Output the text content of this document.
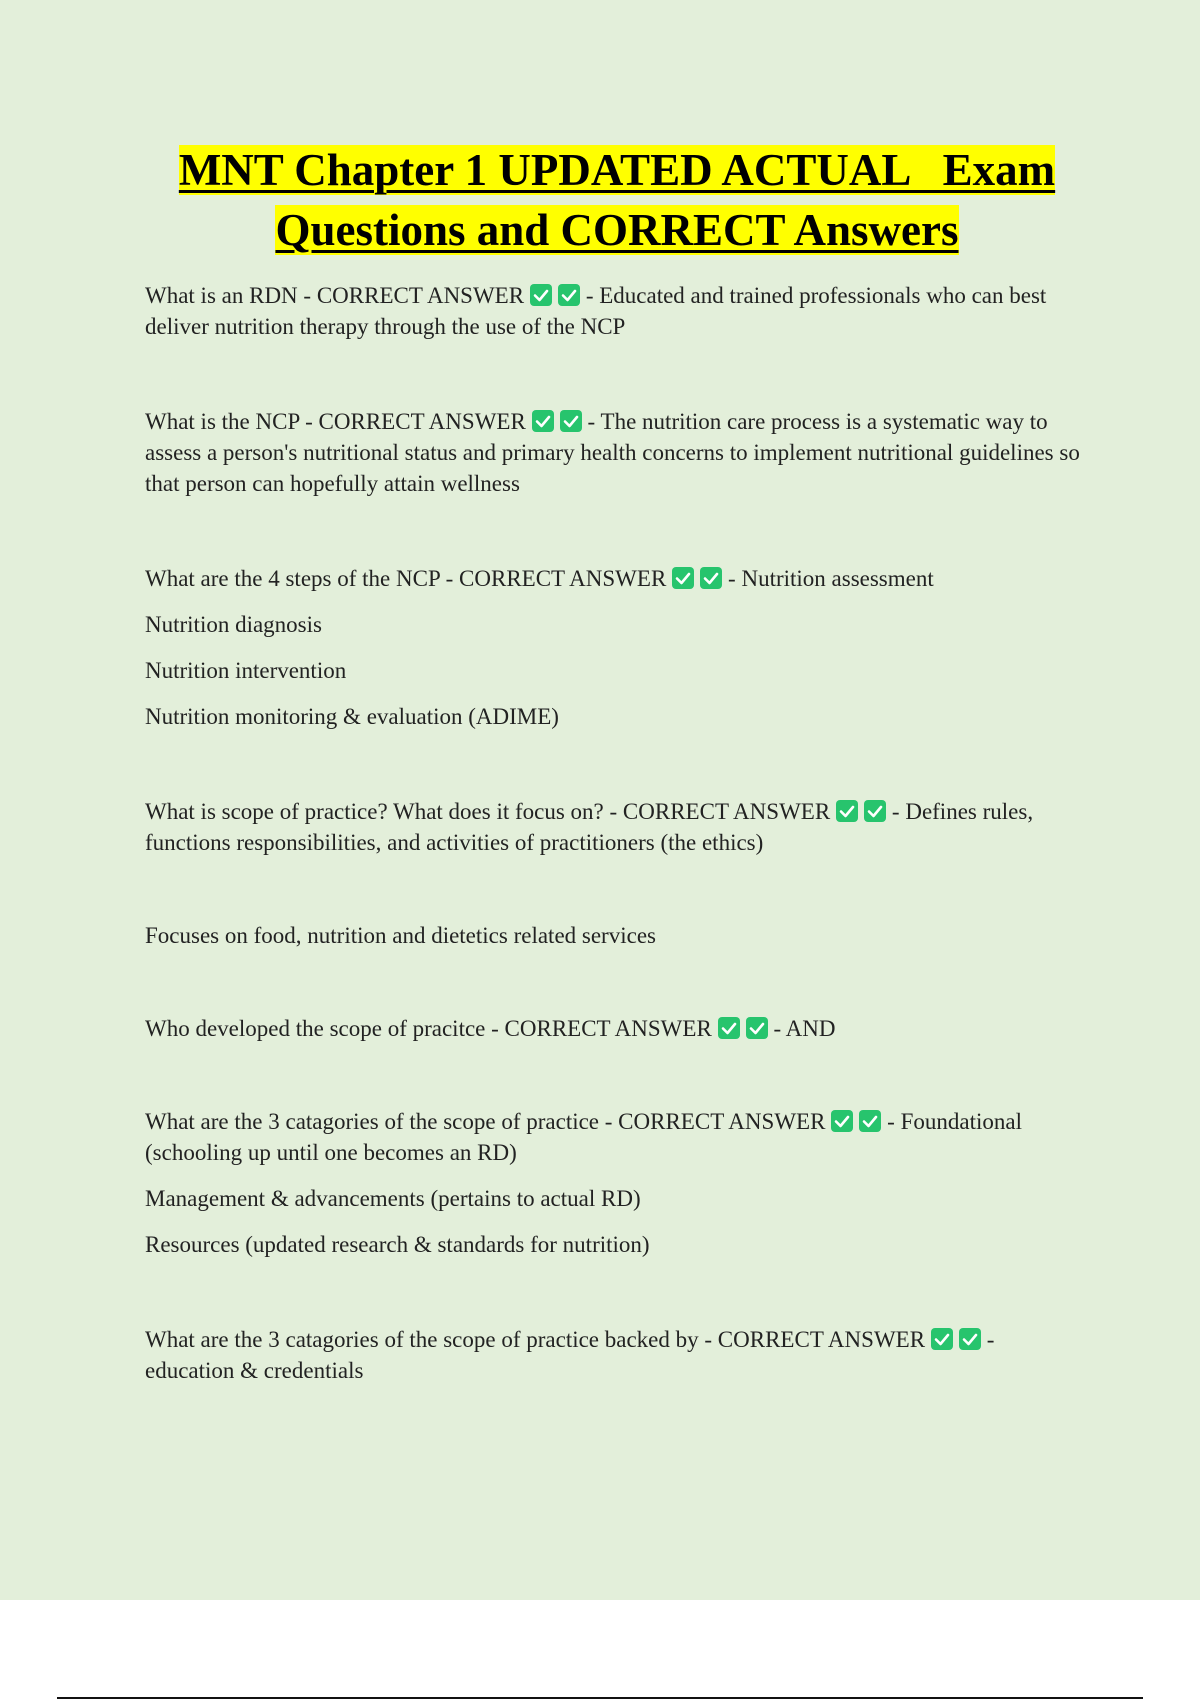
MNT Chapter 1 UPDATED ACTUAL   Exam
Questions and CORRECT Answers

What is an RDN - CORRECT ANSWER	- Educated and trained professionals who can best deliver nutrition therapy through the use of the NCP

What is the NCP - CORRECT ANSWER	- The nutrition care process is a systematic way to assess a person's nutritional status and primary health concerns to implement nutritional guidelines so that person can hopefully attain wellness

What are the 4 steps of the NCP - CORRECT ANSWER	- Nutrition assessment

Nutrition diagnosis

Nutrition intervention

Nutrition monitoring & evaluation (ADIME)

What is scope of practice? What does it focus on? - CORRECT ANSWER	- Defines rules, functions responsibilities, and activities of practitioners (the ethics)

Focuses on food, nutrition and dietetics related services

Who developed the scope of pracitce - CORRECT ANSWER	- AND

What are the 3 catagories of the scope of practice - CORRECT ANSWER	- Foundational (schooling up until one becomes an RD)

Management & advancements (pertains to actual RD)

Resources (updated research & standards for nutrition)

What are the 3 catagories of the scope of practice backed by - CORRECT ANSWER	- education & credentials
